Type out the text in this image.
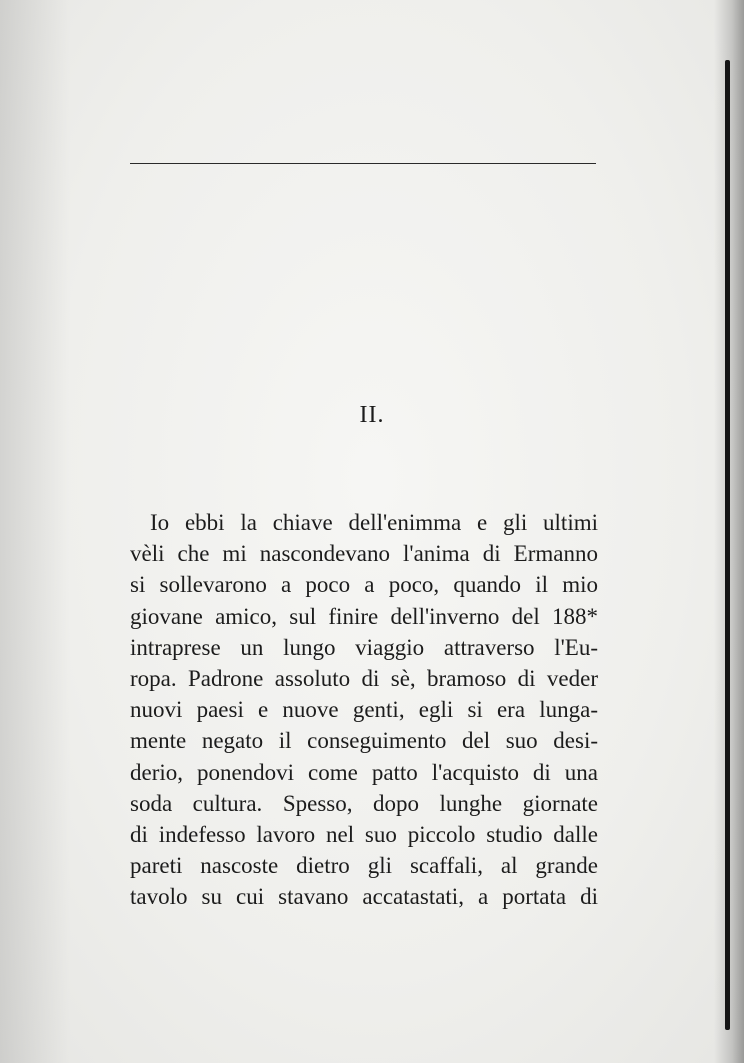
II.
Io ebbi la chiave dell'enimma e gli ultimi
vèli che mi nascondevano l'anima di Ermanno
si sollevarono a poco a poco, quando il mio
giovane amico, sul finire dell'inverno del 188*
intraprese un lungo viaggio attraverso l'Eu-
ropa. Padrone assoluto di sè, bramoso di veder
nuovi paesi e nuove genti, egli si era lunga-
mente negato il conseguimento del suo desi-
derio, ponendovi come patto l'acquisto di una
soda cultura. Spesso, dopo lunghe giornate
di indefesso lavoro nel suo piccolo studio dalle
pareti nascoste dietro gli scaffali, al grande
tavolo su cui stavano accatastati, a portata di
